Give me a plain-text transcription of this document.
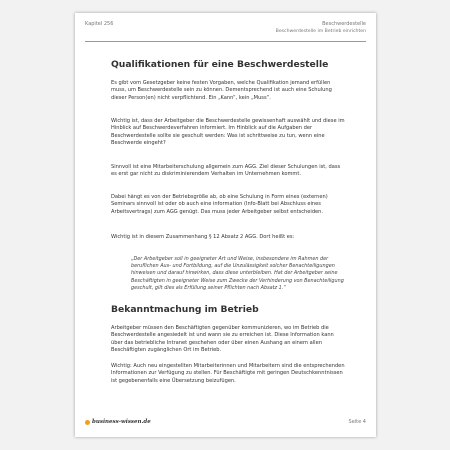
Kapitel 256	Beschwerdestelle
Beschwerdestelle im Betrieb einrichten
Qualifikationen für eine Beschwerdestelle

Es gibt vom Gesetzgeber keine festen Vorgaben, welche Qualifikation jemand erfüllen muss, um Beschwerdestelle sein zu können. Dementsprechend ist auch eine Schulung dieser Person(en) nicht verpflichtend. Ein „Kann“, kein „Muss“.

Wichtig ist, dass der Arbeitgeber die Beschwerdestelle gewissenhaft auswählt und diese im Hinblick auf Beschwerdeverfahren informiert. Im Hinblick auf die Aufgaben der Beschwerdestelle sollte sie geschult werden: Was ist schrittweise zu tun, wenn eine Beschwerde eingeht?

Sinnvoll ist eine Mitarbeiterschulung allgemein zum AGG. Ziel dieser Schulungen ist, dass es erst gar nicht zu diskriminierendem Verhalten im Unternehmen kommt.

Dabei hängt es von der Betriebsgröße ab, ob eine Schulung in Form eines (externen) Seminars sinnvoll ist oder ob auch eine information (Info-Blatt bei Abschluss eines Arbeitsvertrags) zum AGG genügt. Das muss jeder Arbeitgeber selbst entscheiden.

Wichtig ist in diesem Zusammenhang § 12 Absatz 2 AGG. Dort heißt es:

„Der Arbeitgeber soll in geeigneter Art und Weise, insbesondere im Rahmen der beruflichen Aus- und Fortbildung, auf die Unzulässigkeit solcher Benachteiligungen hinweisen und darauf hinwirken, dass diese unterbleiben. Hat der Arbeitgeber seine Beschäftigten in geeigneter Weise zum Zwecke der Verhinderung von Benachteiligung geschult, gilt dies als Erfüllung seiner Pflichten nach Absatz 1.“

Bekanntmachung im Betrieb

Arbeitgeber müssen den Beschäftigten gegenüber kommunizieren, wo im Betrieb die Beschwerdestelle angesiedelt ist und wann sie zu erreichen ist. Diese Information kann über das betriebliche Intranet geschehen oder über einen Aushang an einem allen Beschäftigten zugänglichen Ort im Betrieb.

Wichtig: Auch neu eingestellten Mitarbeiterinnen und Mitarbeitern sind die entsprechenden Informationen zur Verfügung zu stellen. Für Beschäftigte mit geringen Deutschkenntnissen ist gegebenenfalls eine Übersetzung beizufügen.

business-wissen.de	Seite 4
